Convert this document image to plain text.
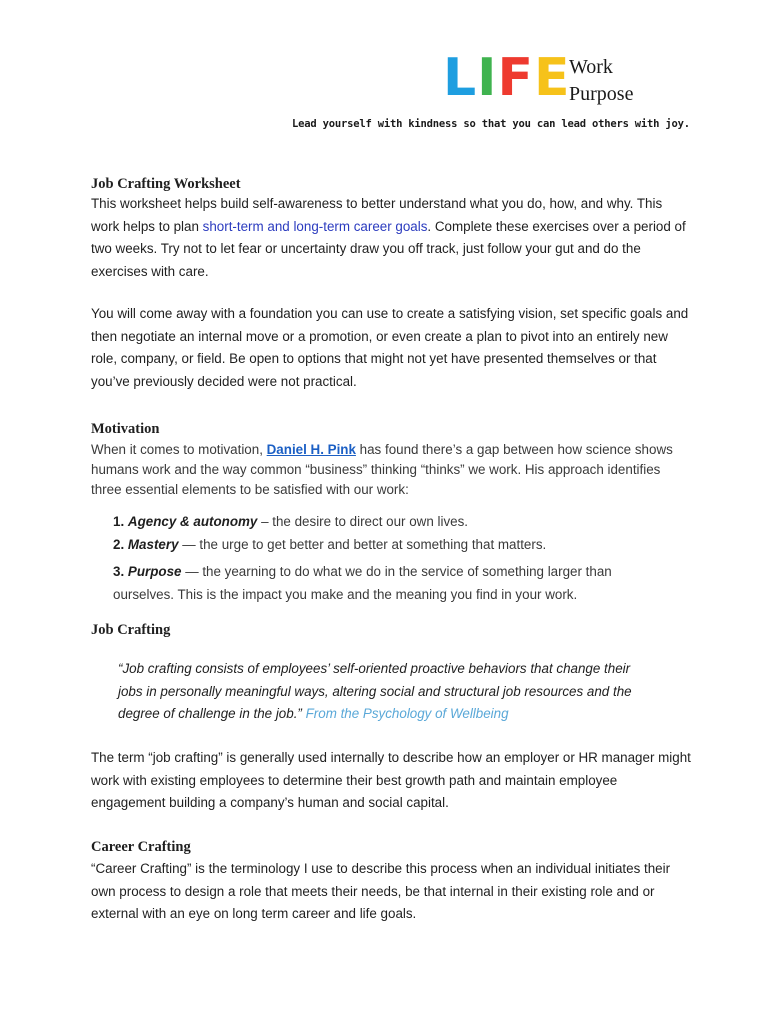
LIFE
Work
Purpose
Lead yourself with kindness so that you can lead others with joy.
Job Crafting Worksheet
This worksheet helps build self-awareness to better understand what you do, how, and why. This work helps to plan short-term and long-term career goals. Complete these exercises over a period of two weeks. Try not to let fear or uncertainty draw you off track, just follow your gut and do the exercises with care.
You will come away with a foundation you can use to create a satisfying vision, set specific goals and then negotiate an internal move or a promotion, or even create a plan to pivot into an entirely new role, company, or field. Be open to options that might not yet have presented themselves or that you’ve previously decided were not practical.
Motivation
When it comes to motivation, Daniel H. Pink has found there’s a gap between how science shows humans work and the way common “business” thinking “thinks” we work. His approach identifies three essential elements to be satisfied with our work:
1. Agency & autonomy – the desire to direct our own lives.
2. Mastery — the urge to get better and better at something that matters.
3. Purpose — the yearning to do what we do in the service of something larger than ourselves. This is the impact you make and the meaning you find in your work.
Job Crafting
“Job crafting consists of employees’ self-oriented proactive behaviors that change their jobs in personally meaningful ways, altering social and structural job resources and the degree of challenge in the job.” From the Psychology of Wellbeing
The term “job crafting” is generally used internally to describe how an employer or HR manager might work with existing employees to determine their best growth path and maintain employee engagement building a company’s human and social capital.
Career Crafting
“Career Crafting” is the terminology I use to describe this process when an individual initiates their own process to design a role that meets their needs, be that internal in their existing role and or external with an eye on long term career and life goals.
